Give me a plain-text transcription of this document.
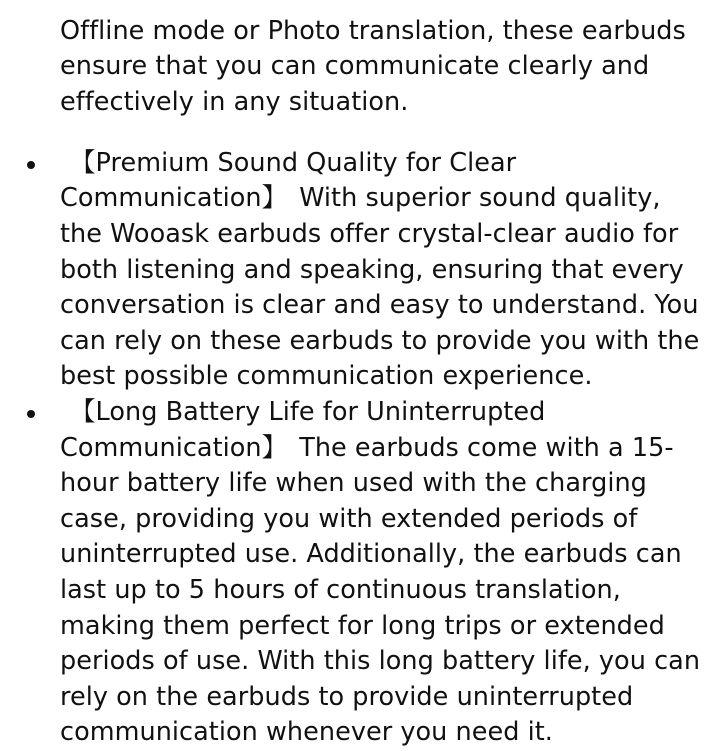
Offline mode or Photo translation, these earbuds ensure that you can communicate clearly and effectively in any situation.

【Premium Sound Quality for Clear Communication】 With superior sound quality, the Wooask earbuds offer crystal-clear audio for both listening and speaking, ensuring that every conversation is clear and easy to understand. You can rely on these earbuds to provide you with the best possible communication experience.
【Long Battery Life for Uninterrupted Communication】 The earbuds come with a 15-hour battery life when used with the charging case, providing you with extended periods of uninterrupted use. Additionally, the earbuds can last up to 5 hours of continuous translation, making them perfect for long trips or extended periods of use. With this long battery life, you can rely on the earbuds to provide uninterrupted communication whenever you need it.
